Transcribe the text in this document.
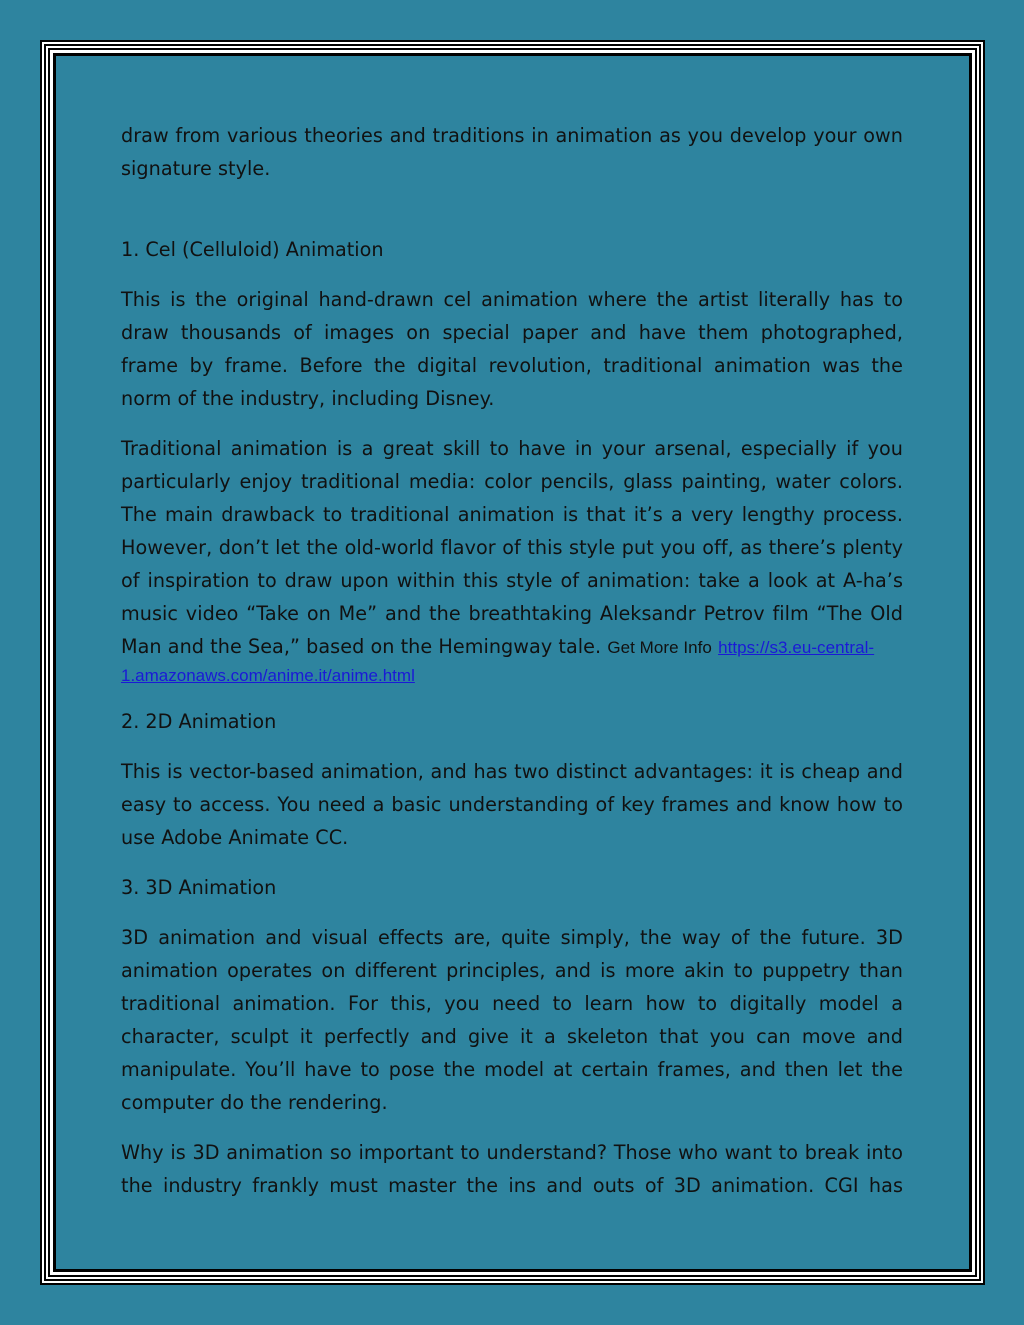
draw from various theories and traditions in animation as you develop your own signature style.

1. Cel (Celluloid) Animation

This is the original hand-drawn cel animation where the artist literally has to draw thousands of images on special paper and have them photographed, frame by frame. Before the digital revolution, traditional animation was the norm of the industry, including Disney.

Traditional animation is a great skill to have in your arsenal, especially if you particularly enjoy traditional media: color pencils, glass painting, water colors. The main drawback to traditional animation is that it’s a very lengthy process. However, don’t let the old-world flavor of this style put you off, as there’s plenty of inspiration to draw upon within this style of animation: take a look at A-ha’s music video “Take on Me” and the breathtaking Aleksandr Petrov film “The Old Man and the Sea,” based on the Hemingway tale. Get More Info https://s3.eu-central-

1.amazonaws.com/anime.it/anime.html

2. 2D Animation

This is vector-based animation, and has two distinct advantages: it is cheap and easy to access. You need a basic understanding of key frames and know how to use Adobe Animate CC.

3. 3D Animation

3D animation and visual effects are, quite simply, the way of the future. 3D animation operates on different principles, and is more akin to puppetry than traditional animation. For this, you need to learn how to digitally model a character, sculpt it perfectly and give it a skeleton that you can move and manipulate. You’ll have to pose the model at certain frames, and then let the computer do the rendering.

Why is 3D animation so important to understand? Those who want to break into the industry frankly must master the ins and outs of 3D animation. CGI has
